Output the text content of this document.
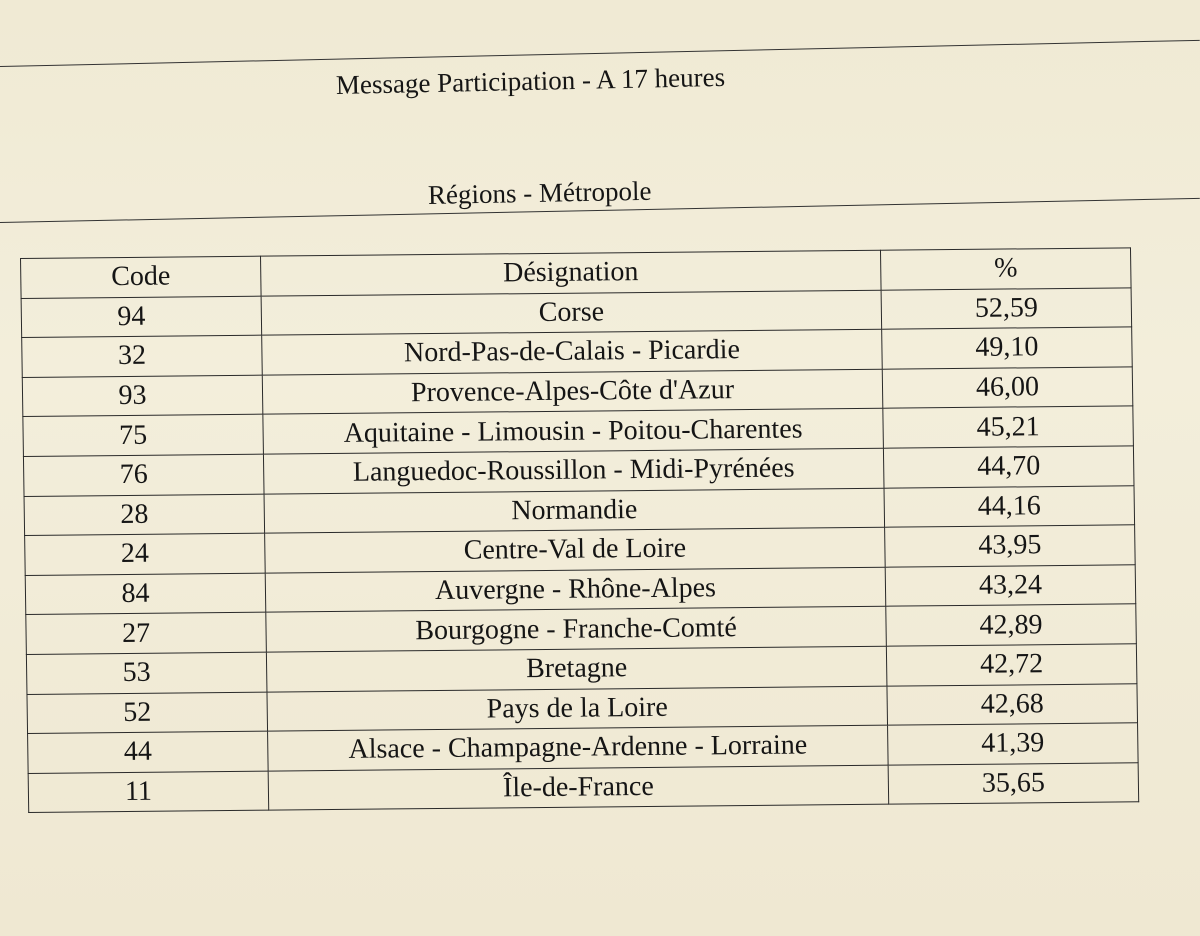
Message Participation - A 17 heures
Régions - Métropole
Code	Désignation	%
94	Corse	52,59
32	Nord-Pas-de-Calais - Picardie	49,10
93	Provence-Alpes-Côte d'Azur	46,00
75	Aquitaine - Limousin - Poitou-Charentes	45,21
76	Languedoc-Roussillon - Midi-Pyrénées	44,70
28	Normandie	44,16
24	Centre-Val de Loire	43,95
84	Auvergne - Rhône-Alpes	43,24
27	Bourgogne - Franche-Comté	42,89
53	Bretagne	42,72
52	Pays de la Loire	42,68
44	Alsace - Champagne-Ardenne - Lorraine	41,39
11	Île-de-France	35,65
